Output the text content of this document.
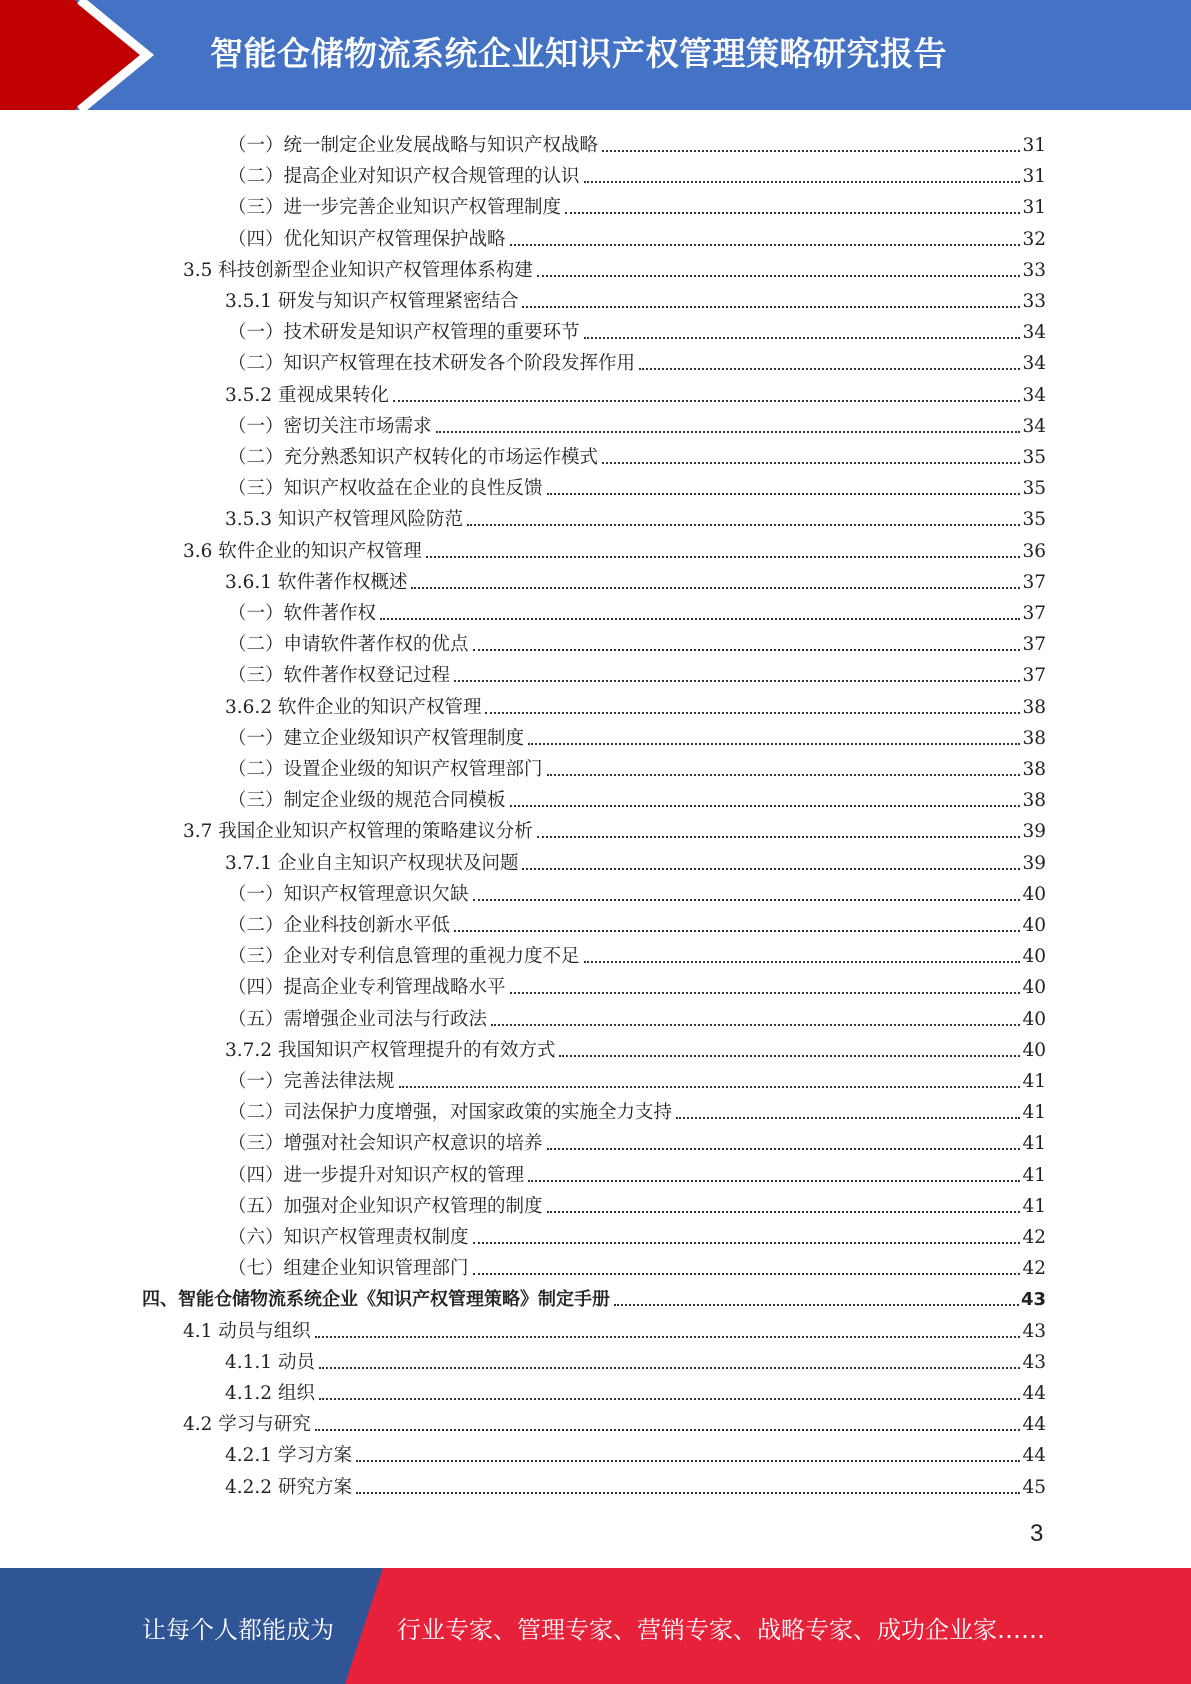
智能仓储物流系统企业知识产权管理策略研究报告
（一）统一制定企业发展战略与知识产权战略	31
（二）提高企业对知识产权合规管理的认识	31
（三）进一步完善企业知识产权管理制度	31
（四）优化知识产权管理保护战略	32
3.5 科技创新型企业知识产权管理体系构建	33
3.5.1 研发与知识产权管理紧密结合	33
（一）技术研发是知识产权管理的重要环节	34
（二）知识产权管理在技术研发各个阶段发挥作用	34
3.5.2 重视成果转化	34
（一）密切关注市场需求	34
（二）充分熟悉知识产权转化的市场运作模式	35
（三）知识产权收益在企业的良性反馈	35
3.5.3 知识产权管理风险防范	35
3.6 软件企业的知识产权管理	36
3.6.1 软件著作权概述	37
（一）软件著作权	37
（二）申请软件著作权的优点	37
（三）软件著作权登记过程	37
3.6.2 软件企业的知识产权管理	38
（一）建立企业级知识产权管理制度	38
（二）设置企业级的知识产权管理部门	38
（三）制定企业级的规范合同模板	38
3.7 我国企业知识产权管理的策略建议分析	39
3.7.1 企业自主知识产权现状及问题	39
（一）知识产权管理意识欠缺	40
（二）企业科技创新水平低	40
（三）企业对专利信息管理的重视力度不足	40
（四）提高企业专利管理战略水平	40
（五）需增强企业司法与行政法	40
3.7.2 我国知识产权管理提升的有效方式	40
（一）完善法律法规	41
（二）司法保护力度增强，对国家政策的实施全力支持	41
（三）增强对社会知识产权意识的培养	41
（四）进一步提升对知识产权的管理	41
（五）加强对企业知识产权管理的制度	41
（六）知识产权管理责权制度	42
（七）组建企业知识管理部门	42
四、智能仓储物流系统企业《知识产权管理策略》制定手册	43
4.1 动员与组织	43
4.1.1 动员	43
4.1.2 组织	44
4.2 学习与研究	44
4.2.1 学习方案	44
4.2.2 研究方案	45
3
让每个人都能成为	行业专家、管理专家、营销专家、战略专家、成功企业家……
